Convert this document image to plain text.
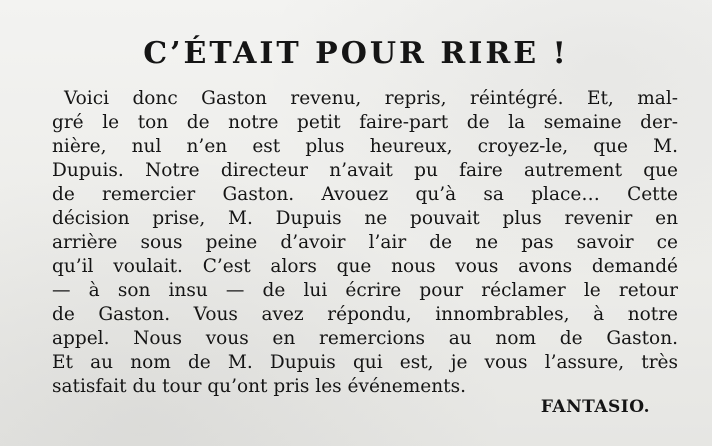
C’ÉTAIT POUR RIRE !
Voici donc Gaston revenu, repris, réintégré. Et, mal-
gré le ton de notre petit faire-part de la semaine der-
nière, nul n’en est plus heureux, croyez-le, que M.
Dupuis. Notre directeur n’avait pu faire autrement que
de remercier Gaston. Avouez qu’à sa place… Cette
décision prise, M. Dupuis ne pouvait plus revenir en
arrière sous peine d’avoir l’air de ne pas savoir ce
qu’il voulait. C’est alors que nous vous avons demandé
— à son insu — de lui écrire pour réclamer le retour
de Gaston. Vous avez répondu, innombrables, à notre
appel. Nous vous en remercions au nom de Gaston.
Et au nom de M. Dupuis qui est, je vous l’assure, très
satisfait du tour qu’ont pris les événements.

FANTASIO.
